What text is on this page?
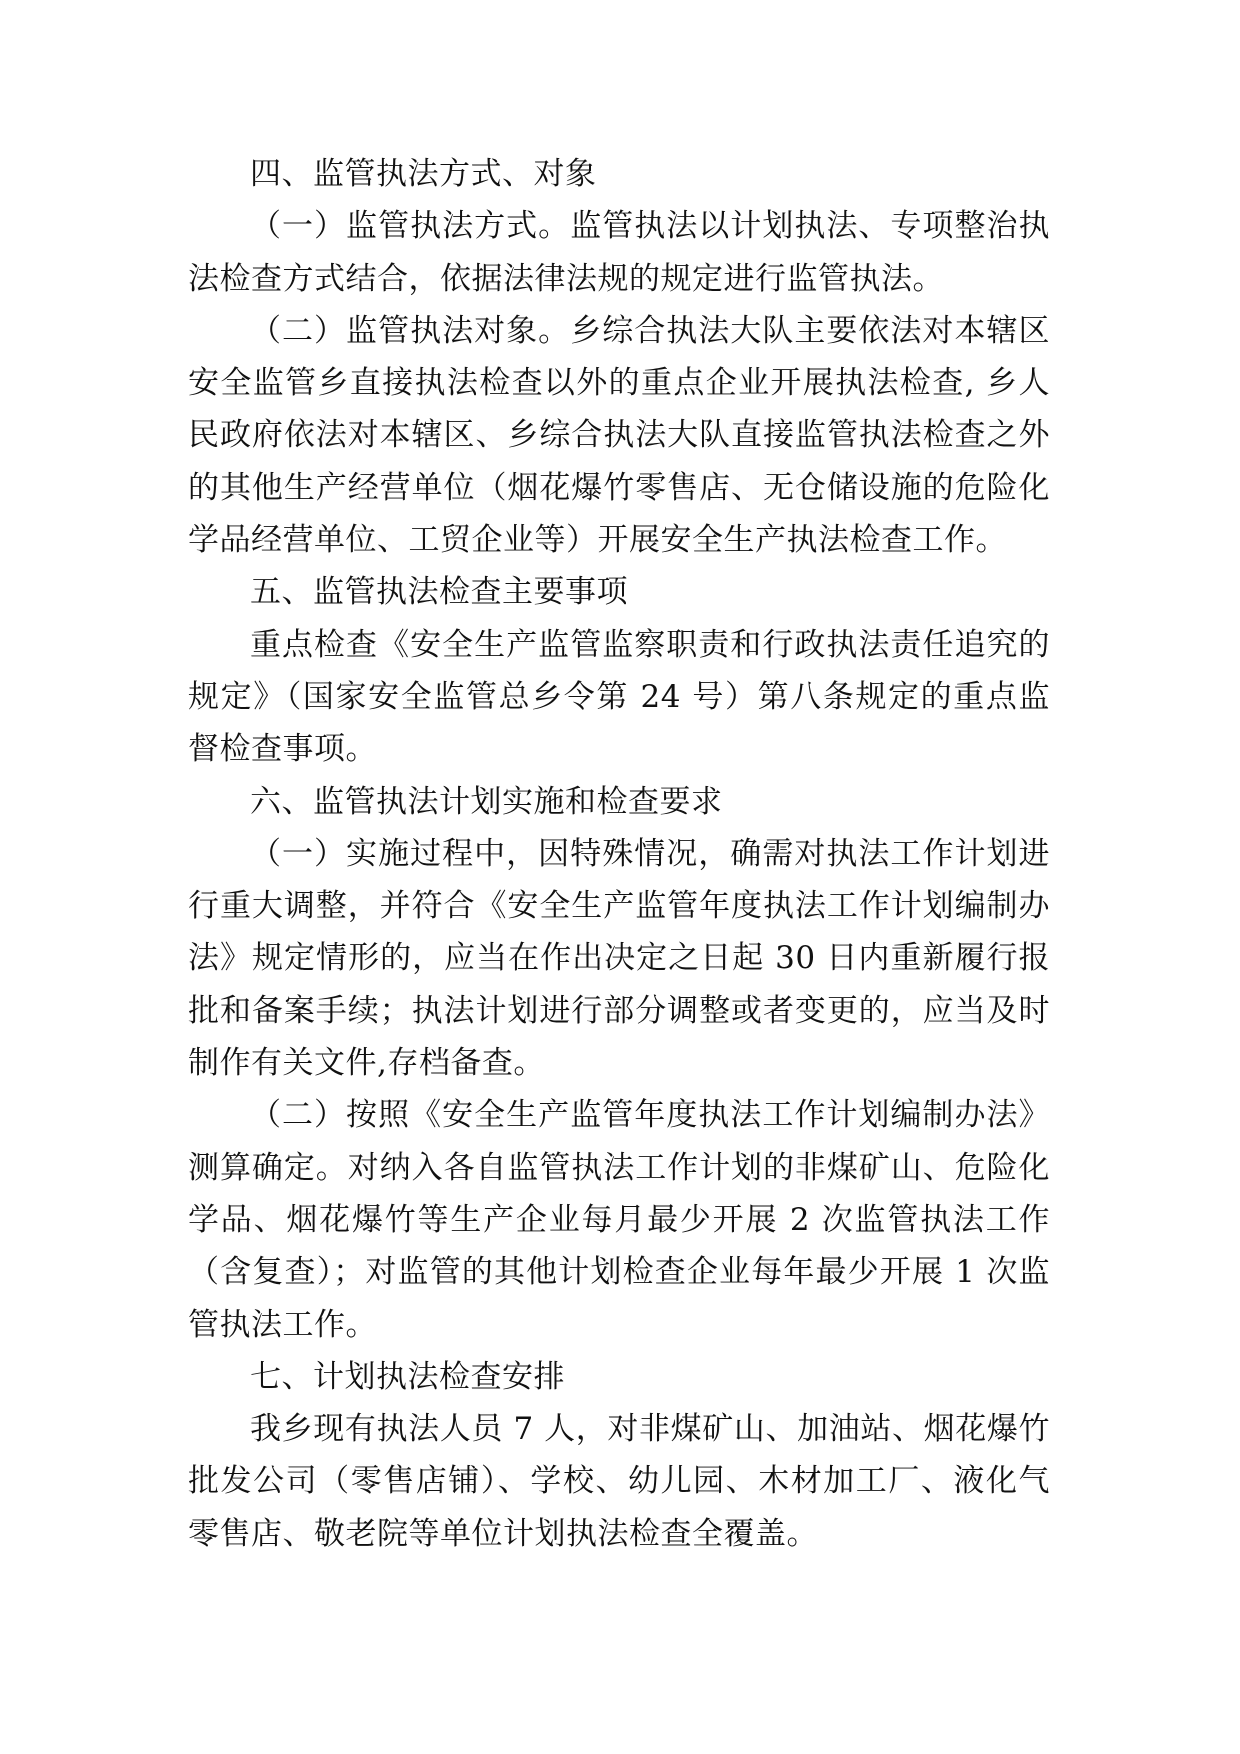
四、监管执法方式、对象

（一）监管执法方式。监管执法以计划执法、专项整治执法检查方式结合，依据法律法规的规定进行监管执法。

（二）监管执法对象。乡综合执法大队主要依法对本辖区安全监管乡直接执法检查以外的重点企业开展执法检查, 乡人民政府依法对本辖区、乡综合执法大队直接监管执法检查之外的其他生产经营单位（烟花爆竹零售店、无仓储设施的危险化学品经营单位、工贸企业等）开展安全生产执法检查工作。

五、监管执法检查主要事项

重点检查《安全生产监管监察职责和行政执法责任追究的规定》（国家安全监管总乡令第 24 号）第八条规定的重点监督检查事项。

六、监管执法计划实施和检查要求

（一）实施过程中，因特殊情况，确需对执法工作计划进行重大调整，并符合《安全生产监管年度执法工作计划编制办法》规定情形的，应当在作出决定之日起 30 日内重新履行报批和备案手续；执法计划进行部分调整或者变更的，应当及时制作有关文件,存档备查。

（二）按照《安全生产监管年度执法工作计划编制办法》测算确定。对纳入各自监管执法工作计划的非煤矿山、危险化学品、烟花爆竹等生产企业每月最少开展 2 次监管执法工作（含复查）；对监管的其他计划检查企业每年最少开展 1 次监管执法工作。

七、计划执法检查安排

我乡现有执法人员 7 人，对非煤矿山、加油站、烟花爆竹批发公司（零售店铺）、学校、幼儿园、木材加工厂、液化气零售店、敬老院等单位计划执法检查全覆盖。
